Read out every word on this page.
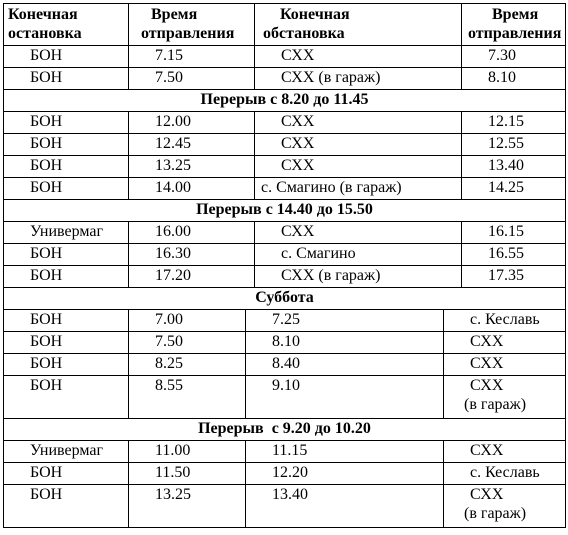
Конечная
остановка	Время
отправления	Конечная
обстановка	Время
отправления
БОН	7.15	СХХ	7.30
БОН	7.50	СХХ (в гараж)	8.10
Перерыв с 8.20 до 11.45			
БОН	12.00	СХХ	12.15
БОН	12.45	СХХ	12.55
БОН	13.25	СХХ	13.40
БОН	14.00	с. Смагино (в гараж)	14.25
Перерыв с 14.40 до 15.50			
Универмаг	16.00	СХХ	16.15
БОН	16.30	с. Смагино	16.55
БОН	17.20	СХХ (в гараж)	17.35
Суббота			
БОН	7.00	7.25	с. Кеславь
БОН	7.50	8.10	СХХ
БОН	8.25	8.40	СХХ
БОН	8.55	9.10	СХХ
(в гараж)
Перерыв  с 9.20 до 10.20			
Универмаг	11.00	11.15	СХХ
БОН	11.50	12.20	с. Кеславь
БОН	13.25	13.40	СХХ
(в гараж)
